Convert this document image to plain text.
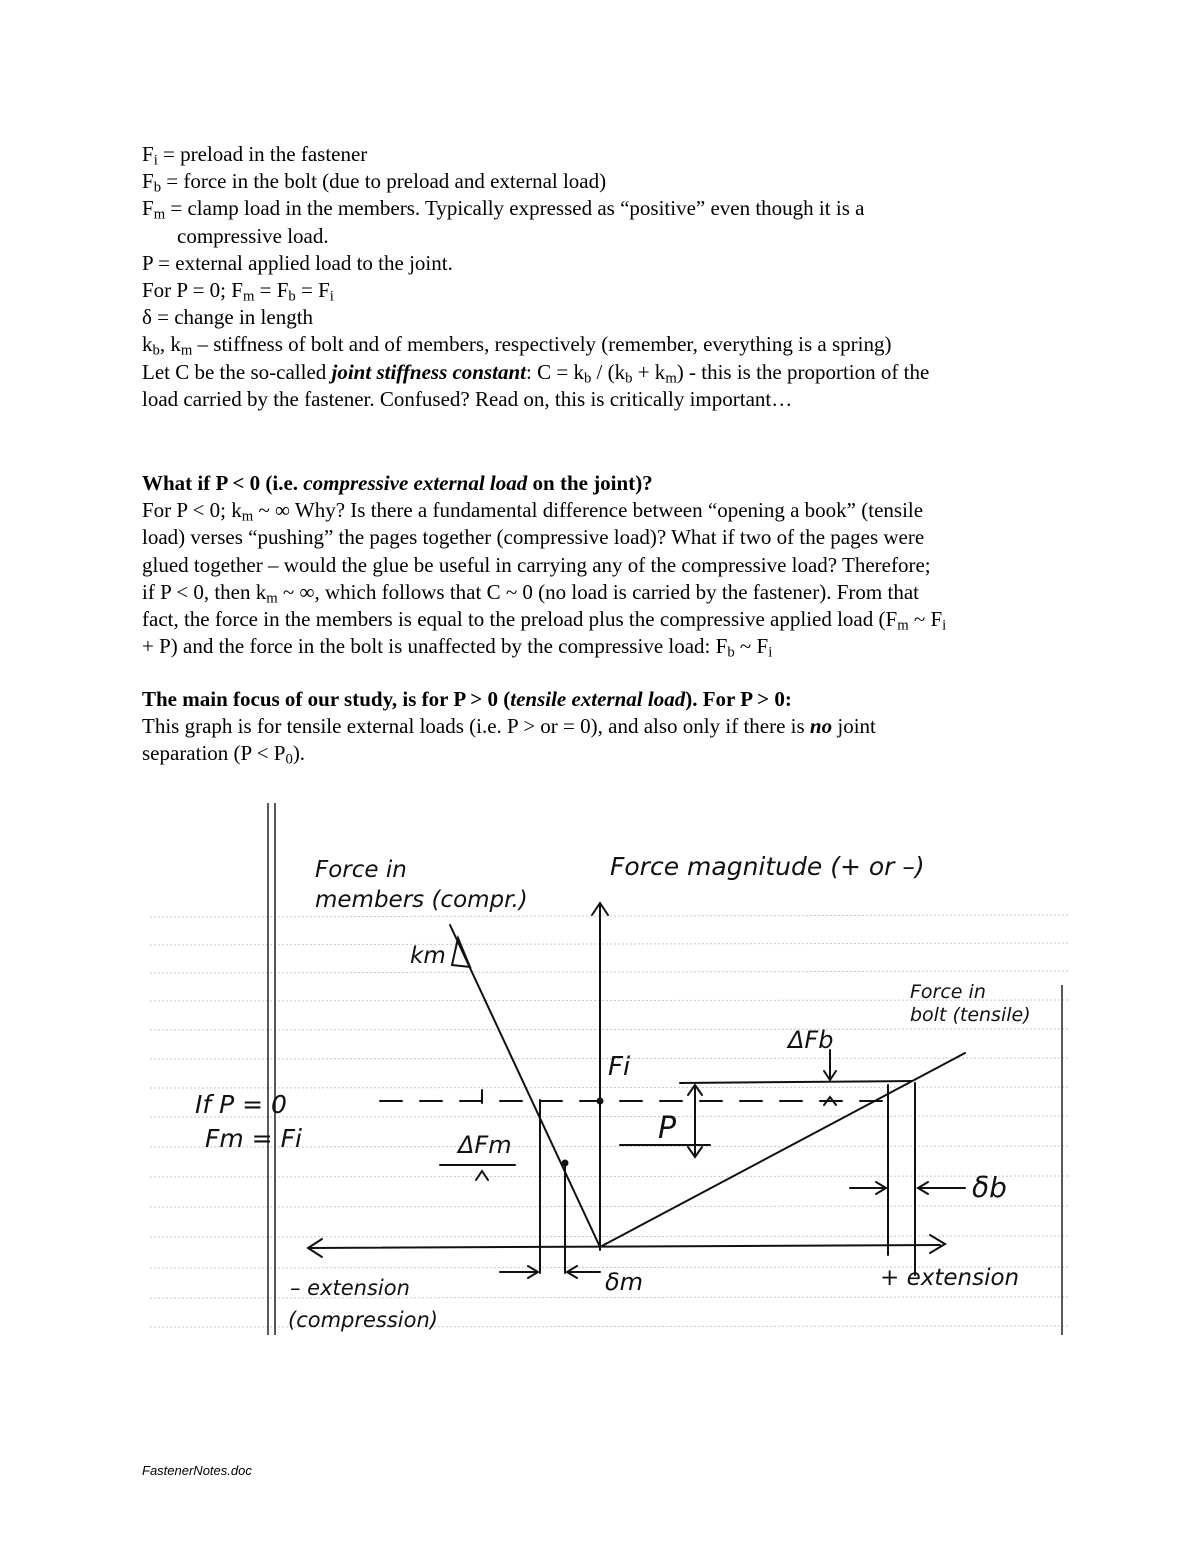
$F_i$ = preload in the fastener

$F_b$ = force in the bolt (due to preload and external load)

$F_m$ = clamp load in the members. Typically expressed as “positive” even though it is a

compressive load.

P = external applied load to the joint.

For P = 0; $F_m = F_b = F_i$

δ = change in length

$k_b$, $k_m$ – stiffness of bolt and of members, respectively (remember, everything is a spring)

Let C be the so-called joint stiffness constant: $C = k_b / (k_b + k_m)$ - this is the proportion of the

load carried by the fastener. Confused? Read on, this is critically important…

What if P < 0 (i.e. compressive external load on the joint)?

For P < 0; $k_m$ ~ ∞ Why? Is there a fundamental difference between “opening a book” (tensile

load) verses “pushing” the pages together (compressive load)? What if two of the pages were

glued together – would the glue be useful in carrying any of the compressive load? Therefore;

if P < 0, then $k_m$ ~ ∞, which follows that C ~ 0 (no load is carried by the fastener). From that

fact, the force in the members is equal to the preload plus the compressive applied load ($F_m$ ~ $F_i$

+ P) and the force in the bolt is unaffected by the compressive load: $F_b$ ~ $F_i$

The main focus of our study, is for P > 0 (tensile external load). For P > 0:

This graph is for tensile external loads (i.e. P > or = 0), and also only if there is no joint

separation $(P < P_0)$.

Force in
members (compr.)
km
Force magnitude (+ or –)
Force in
bolt (tensile)
ΔFb
Fi
If P = 0
Fm = Fi	ΔFm	P
δb
δm
– extension
(compression)
+ extension
FastenerNotes.doc
